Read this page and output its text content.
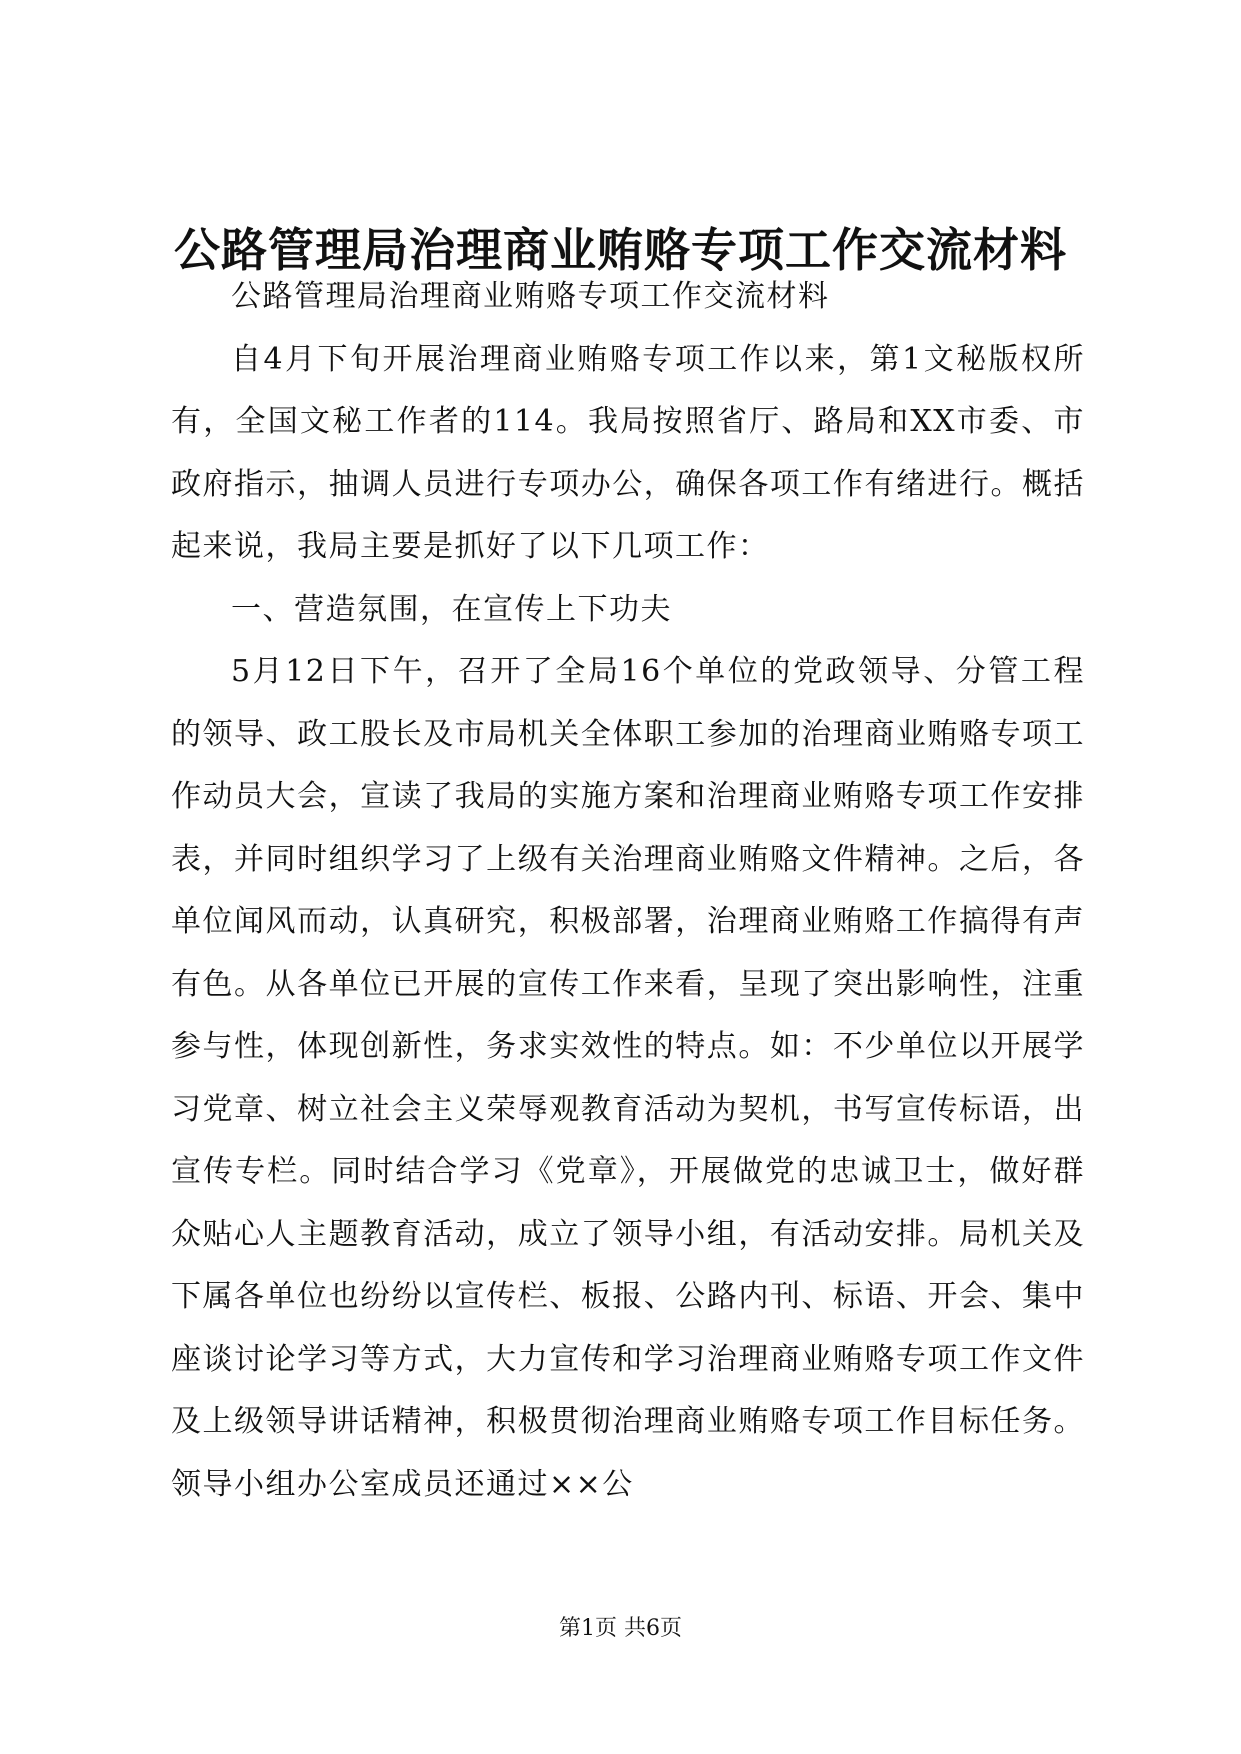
公路管理局治理商业贿赂专项工作交流材料

公路管理局治理商业贿赂专项工作交流材料

自4月下旬开展治理商业贿赂专项工作以来，第1文秘版权所有，全国文秘工作者的114。我局按照省厅、路局和XX市委、市政府指示，抽调人员进行专项办公，确保各项工作有绪进行。概括起来说，我局主要是抓好了以下几项工作：

一、营造氛围，在宣传上下功夫

5月12日下午，召开了全局16个单位的党政领导、分管工程的领导、政工股长及市局机关全体职工参加的治理商业贿赂专项工作动员大会，宣读了我局的实施方案和治理商业贿赂专项工作安排表，并同时组织学习了上级有关治理商业贿赂文件精神。之后，各单位闻风而动，认真研究，积极部署，治理商业贿赂工作搞得有声有色。从各单位已开展的宣传工作来看，呈现了突出影响性，注重参与性，体现创新性，务求实效性的特点。如：不少单位以开展学习党章、树立社会主义荣辱观教育活动为契机，书写宣传标语，出宣传专栏。同时结合学习《党章》，开展做党的忠诚卫士，做好群众贴心人主题教育活动，成立了领导小组，有活动安排。局机关及下属各单位也纷纷以宣传栏、板报、公路内刊、标语、开会、集中座谈讨论学习等方式，大力宣传和学习治理商业贿赂专项工作文件及上级领导讲话精神，积极贯彻治理商业贿赂专项工作目标任务。领导小组办公室成员还通过××公

第1页 共6页
